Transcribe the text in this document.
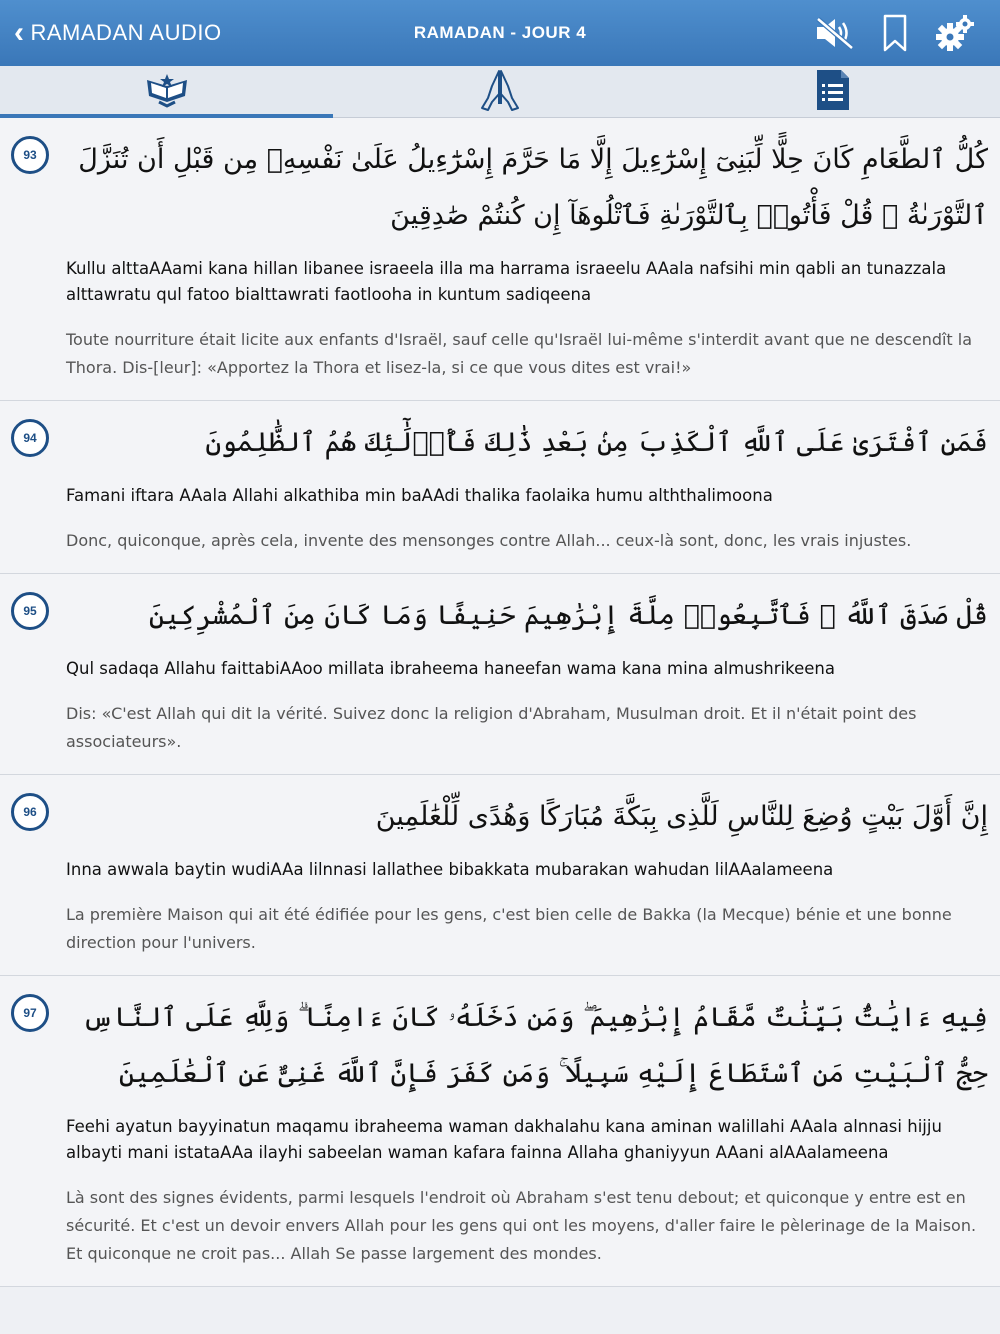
‹ RAMADAN AUDIO	RAMADAN - JOUR 4
93	كُلُّ ٱلطَّعَامِ كَانَ حِلًّا لِّبَنِىٓ إِسْرَٰٓءِيلَ إِلَّا مَا حَرَّمَ إِسْرَٰٓءِيلُ عَلَىٰ نَفْسِهِۦ مِن قَبْلِ أَن تُنَزَّلَ ٱلتَّوْرَىٰةُ ۗ قُلْ فَأْتُوا۟ بِٱلتَّوْرَىٰةِ فَٱتْلُوهَآ إِن كُنتُمْ صَٰدِقِينَ
Kullu alttaAAami kana hillan libanee israeela illa ma harrama israeelu AAala nafsihi min qabli an tunazzala alttawratu qul fatoo bialttawrati faotlooha in kuntum sadiqeena
Toute nourriture était licite aux enfants d'Israël, sauf celle qu'Israël lui-même s'interdit avant que ne descendît la Thora. Dis-[leur]: «Apportez la Thora et lisez-la, si ce que vous dites est vrai!»
94	فَمَنِ ٱفْتَرَىٰ عَلَى ٱللَّهِ ٱلْكَذِبَ مِنۢ بَعْدِ ذَٰلِكَ فَأُو۟لَٰٓئِكَ هُمُ ٱلظَّٰلِمُونَ
Famani iftara AAala Allahi alkathiba min baAAdi thalika faolaika humu alththalimoona
Donc, quiconque, après cela, invente des mensonges contre Allah... ceux-là sont, donc, les vrais injustes.
95	قُلْ صَدَقَ ٱللَّهُ ۗ فَٱتَّبِعُوا۟ مِلَّةَ إِبْرَٰهِيمَ حَنِيفًا وَمَا كَانَ مِنَ ٱلْمُشْرِكِينَ
Qul sadaqa Allahu faittabiAAoo millata ibraheema haneefan wama kana mina almushrikeena
Dis: «C'est Allah qui dit la vérité. Suivez donc la religion d'Abraham, Musulman droit. Et il n'était point des associateurs».
96	إِنَّ أَوَّلَ بَيْتٍ وُضِعَ لِلنَّاسِ لَلَّذِى بِبَكَّةَ مُبَارَكًا وَهُدًى لِّلْعَٰلَمِينَ
Inna awwala baytin wudiAAa lilnnasi lallathee bibakkata mubarakan wahudan lilAAalameena
La première Maison qui ait été édifiée pour les gens, c'est bien celle de Bakka (la Mecque) bénie et une bonne direction pour l'univers.
97	فِيهِ ءَايَٰتٌۢ بَيِّنَٰتٌ مَّقَامُ إِبْرَٰهِيمَ ۖ وَمَن دَخَلَهُۥ كَانَ ءَامِنًا ۗ وَلِلَّهِ عَلَى ٱلنَّاسِ حِجُّ ٱلْبَيْتِ مَنِ ٱسْتَطَاعَ إِلَيْهِ سَبِيلًا ۚ وَمَن كَفَرَ فَإِنَّ ٱللَّهَ غَنِىٌّ عَنِ ٱلْعَٰلَمِينَ
Feehi ayatun bayyinatun maqamu ibraheema waman dakhalahu kana aminan walillahi AAala alnnasi hijju albayti mani istataAAa ilayhi sabeelan waman kafara fainna Allaha ghaniyyun AAani alAAalameena
Là sont des signes évidents, parmi lesquels l'endroit où Abraham s'est tenu debout; et quiconque y entre est en sécurité. Et c'est un devoir envers Allah pour les gens qui ont les moyens, d'aller faire le pèlerinage de la Maison. Et quiconque ne croit pas... Allah Se passe largement des mondes.
